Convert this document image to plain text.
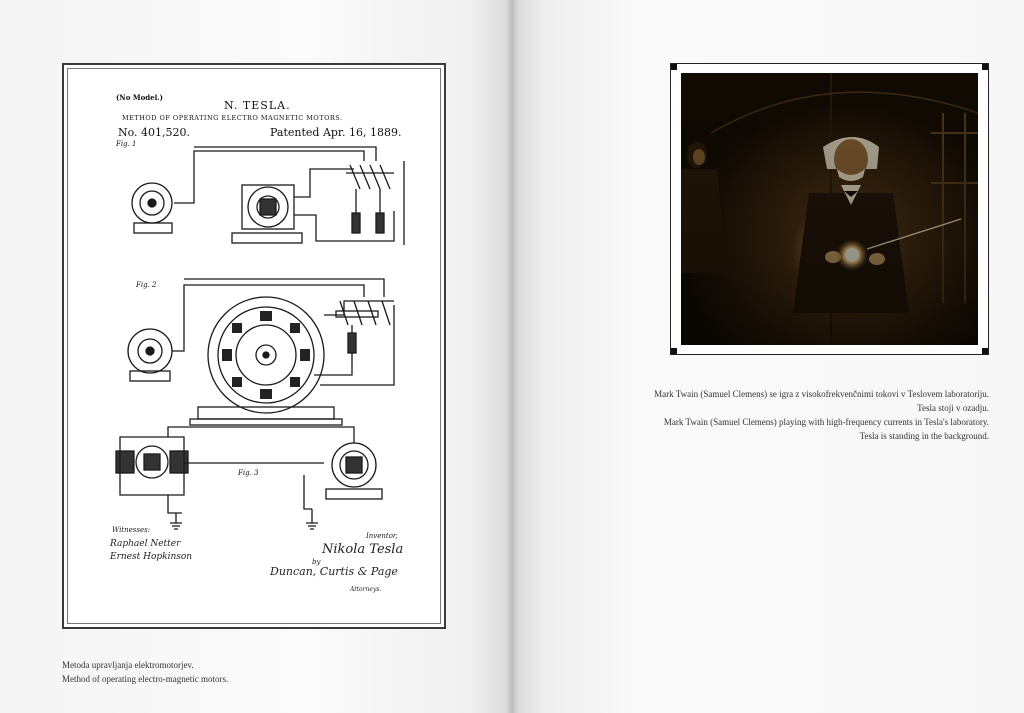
(No Model.)
N. TESLA.
METHOD OF OPERATING ELECTRO MAGNETIC MOTORS.
No. 401,520.	Patented Apr. 16, 1889.
Fig. 1
Fig. 2
Fig. 3
Witnesses:
Raphael Netter
Ernest Hopkinson
Inventor,
Nikola Tesla
by
Duncan, Curtis & Page
Attorneys.
Metoda upravljanja elektromotorjev.
Method of operating electro-magnetic motors.
Mark Twain (Samuel Clemens) se igra z visokofrekvenčnimi tokovi v Teslovem laboratoriju.
Tesla stoji v ozadju.
Mark Twain (Samuel Clemens) playing with high-frequency currents in Tesla's laboratory.
Tesla is standing in the background.
